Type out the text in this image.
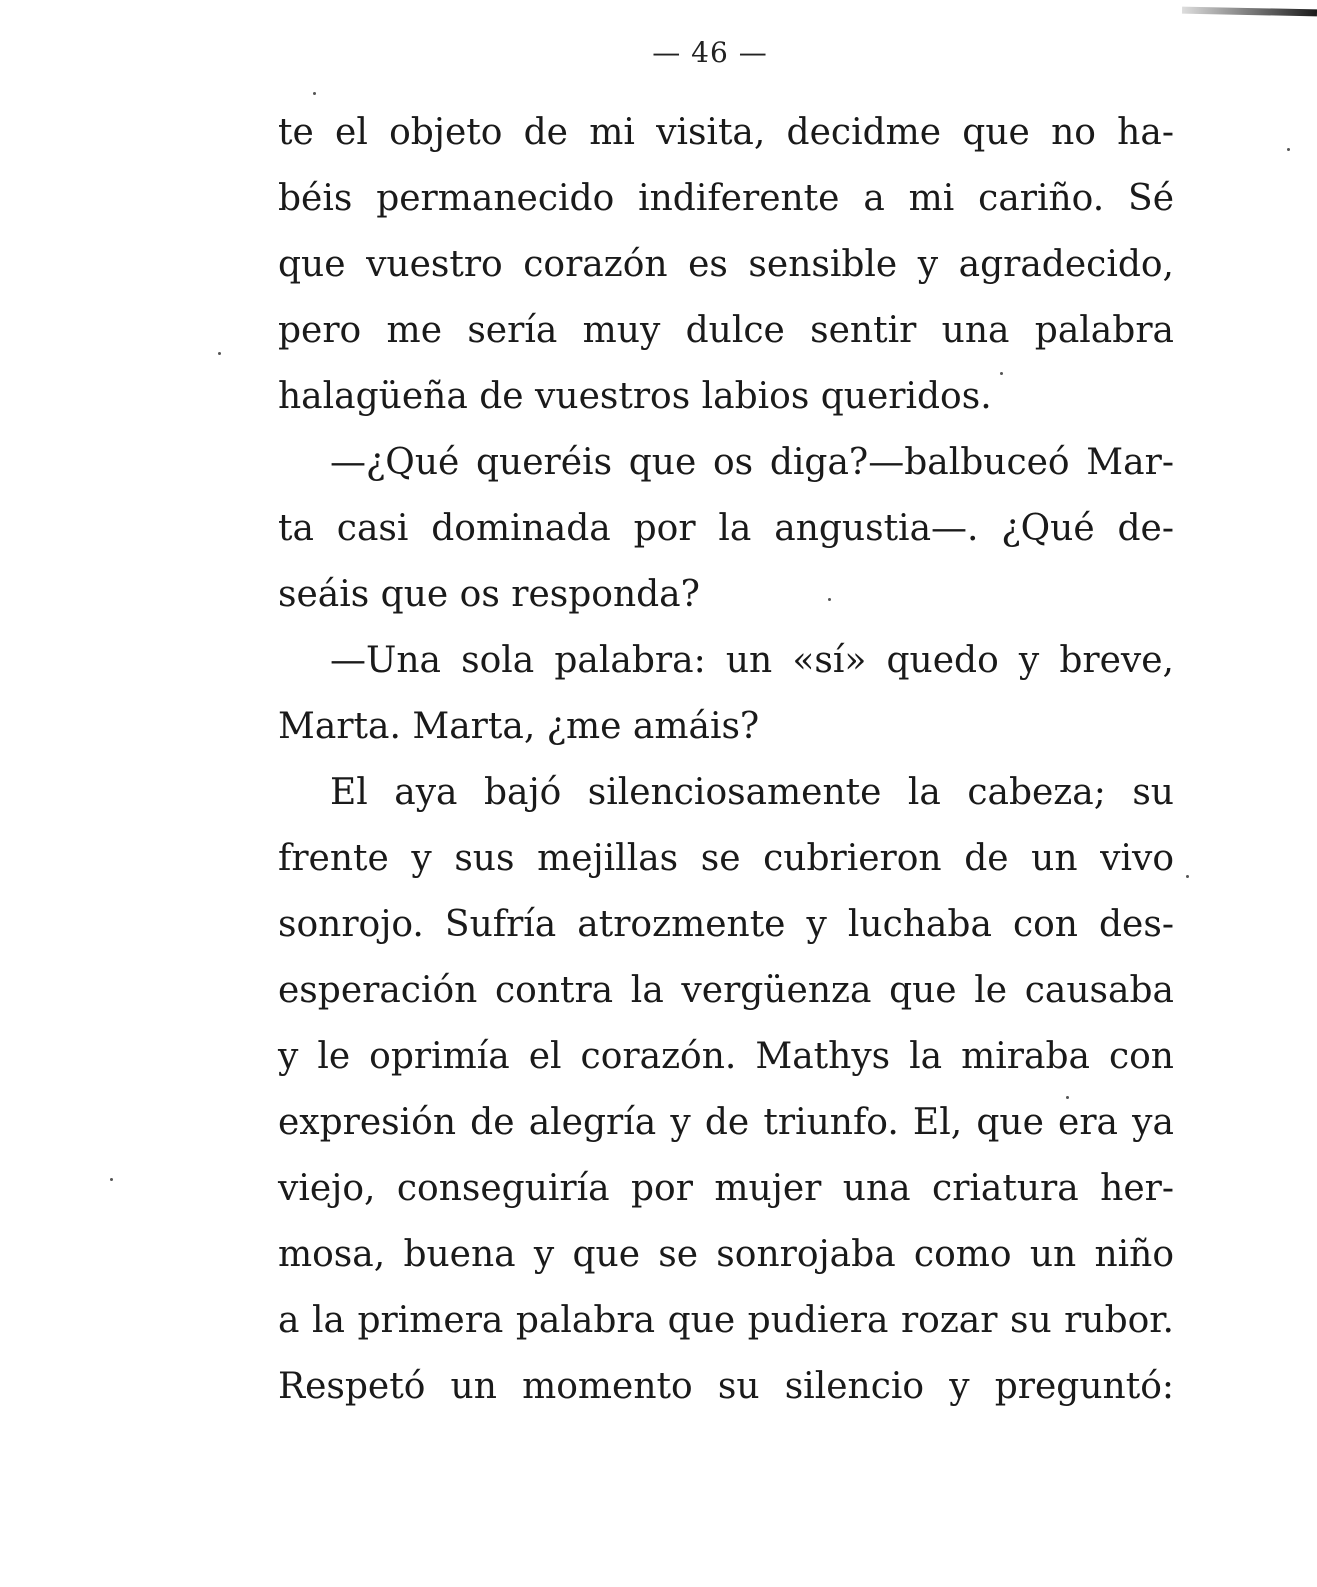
— 46 —
te el objeto de mi visita, decidme que no ha-
béis permanecido indiferente a mi cariño. Sé
que vuestro corazón es sensible y agradecido,
pero me sería muy dulce sentir una palabra
halagüeña de vuestros labios queridos.
—¿Qué queréis que os diga?—balbuceó Mar-
ta casi dominada por la angustia—. ¿Qué de-
seáis que os responda?
—Una sola palabra: un «sí» quedo y breve,
Marta. Marta, ¿me amáis?
El aya bajó silenciosamente la cabeza; su
frente y sus mejillas se cubrieron de un vivo
sonrojo. Sufría atrozmente y luchaba con des-
esperación contra la vergüenza que le causaba
y le oprimía el corazón. Mathys la miraba con
expresión de alegría y de triunfo. El, que era ya
viejo, conseguiría por mujer una criatura her-
mosa, buena y que se sonrojaba como un niño
a la primera palabra que pudiera rozar su rubor.
Respetó un momento su silencio y preguntó:
